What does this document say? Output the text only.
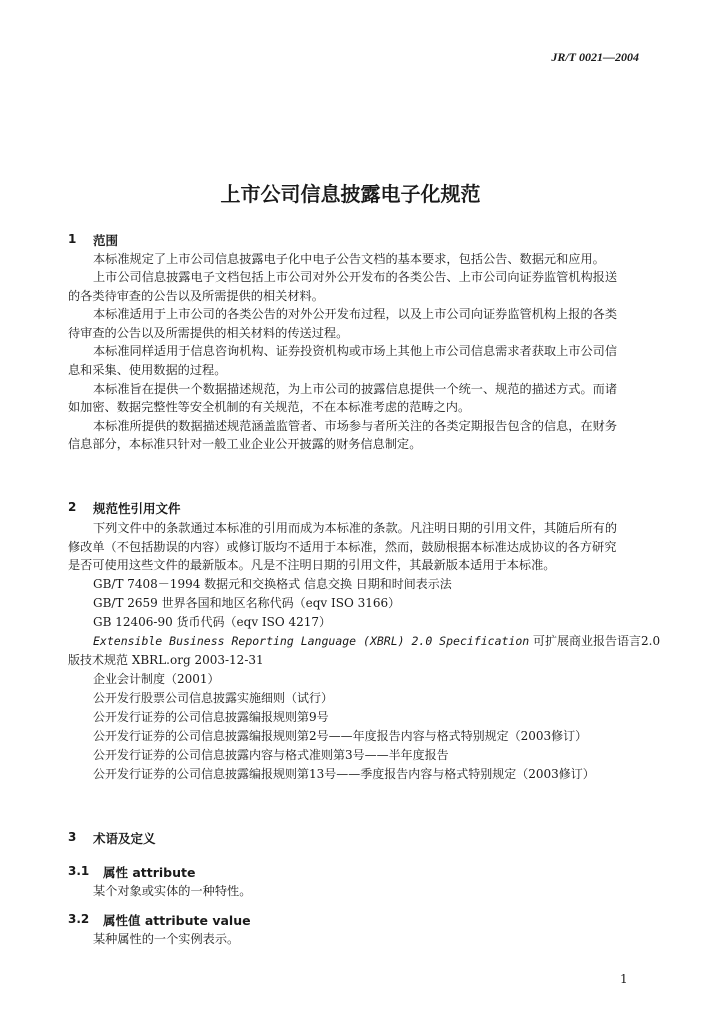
JR/T 0021—2004
上市公司信息披露电子化规范
1 范围
本标准规定了上市公司信息披露电子化中电子公告文档的基本要求，包括公告、数据元和应用。
上市公司信息披露电子文档包括上市公司对外公开发布的各类公告、上市公司向证券监管机构报送
的各类待审查的公告以及所需提供的相关材料。
本标准适用于上市公司的各类公告的对外公开发布过程，以及上市公司向证券监管机构上报的各类
待审查的公告以及所需提供的相关材料的传送过程。
本标准同样适用于信息咨询机构、证券投资机构或市场上其他上市公司信息需求者获取上市公司信
息和采集、使用数据的过程。
本标准旨在提供一个数据描述规范，为上市公司的披露信息提供一个统一、规范的描述方式。而诸
如加密、数据完整性等安全机制的有关规范，不在本标准考虑的范畴之内。
本标准所提供的数据描述规范涵盖监管者、市场参与者所关注的各类定期报告包含的信息，在财务
信息部分，本标准只针对一般工业企业公开披露的财务信息制定。
2 规范性引用文件
下列文件中的条款通过本标准的引用而成为本标准的条款。凡注明日期的引用文件，其随后所有的
修改单（不包括勘误的内容）或修订版均不适用于本标准，然而，鼓励根据本标准达成协议的各方研究
是否可使用这些文件的最新版本。凡是不注明日期的引用文件，其最新版本适用于本标准。
GB/T 7408－1994 数据元和交换格式 信息交换 日期和时间表示法
GB/T 2659 世界各国和地区名称代码（eqv ISO 3166）
GB 12406-90 货币代码（eqv ISO 4217）
Extensible Business Reporting Language (XBRL) 2.0 Specification 可扩展商业报告语言2.0
版技术规范 XBRL.org 2003-12-31
企业会计制度（2001）
公开发行股票公司信息披露实施细则（试行）
公开发行证券的公司信息披露编报规则第9号
公开发行证券的公司信息披露编报规则第2号——年度报告内容与格式特别规定（2003修订）
公开发行证券的公司信息披露内容与格式准则第3号——半年度报告
公开发行证券的公司信息披露编报规则第13号——季度报告内容与格式特别规定（2003修订）
3 术语及定义
3.1 属性 attribute
某个对象或实体的一种特性。
3.2 属性值 attribute value
某种属性的一个实例表示。
1
